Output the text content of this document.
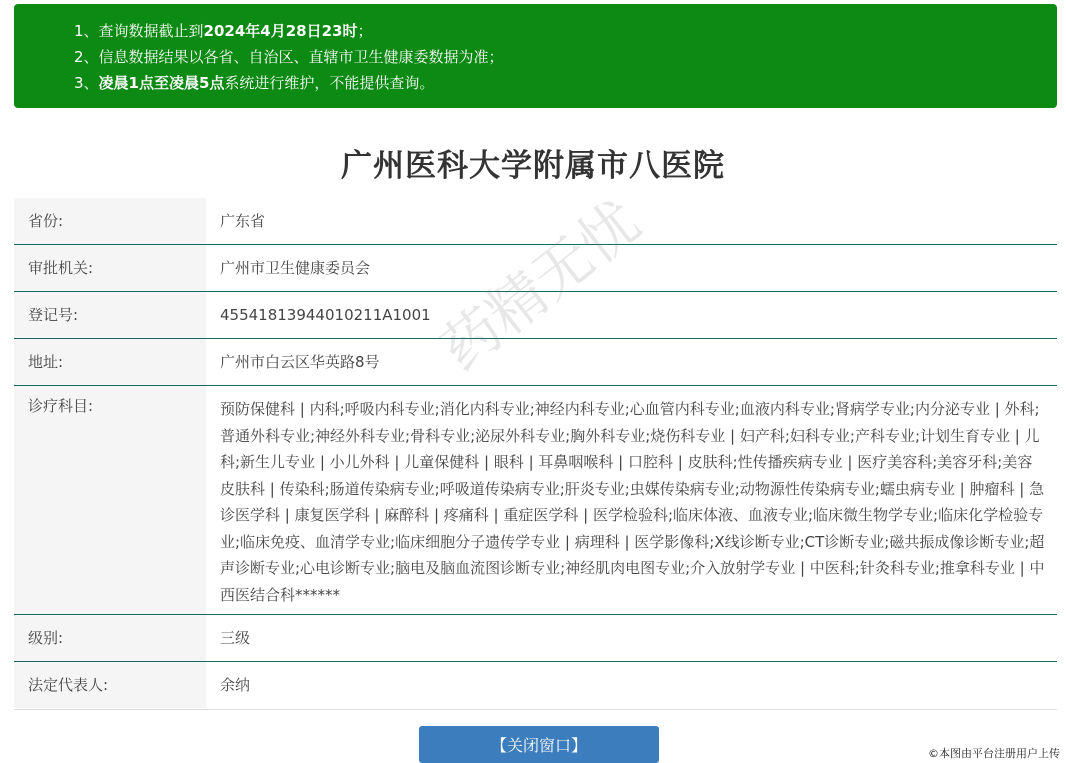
1、查询数据截止到2024年4月28日23时；
2、信息数据结果以各省、自治区、直辖市卫生健康委数据为准；
3、凌晨1点至凌晨5点系统进行维护，不能提供查询。
广州医科大学附属市八医院
省份:	广东省
审批机关:	广州市卫生健康委员会
登记号:	45541813944010211A1001
地址:	广州市白云区华英路8号
诊疗科目:	预防保健科 | 内科;呼吸内科专业;消化内科专业;神经内科专业;心血管内科专业;血液内科专业;肾病学专业;内分泌专业 | 外科;普通外科专业;神经外科专业;骨科专业;泌尿外科专业;胸外科专业;烧伤科专业 | 妇产科;妇科专业;产科专业;计划生育专业 | 儿科;新生儿专业 | 小儿外科 | 儿童保健科 | 眼科 | 耳鼻咽喉科 | 口腔科 | 皮肤科;性传播疾病专业 | 医疗美容科;美容牙科;美容皮肤科 | 传染科;肠道传染病专业;呼吸道传染病专业;肝炎专业;虫媒传染病专业;动物源性传染病专业;蠕虫病专业 | 肿瘤科 | 急诊医学科 | 康复医学科 | 麻醉科 | 疼痛科 | 重症医学科 | 医学检验科;临床体液、血液专业;临床微生物学专业;临床化学检验专业;临床免疫、血清学专业;临床细胞分子遗传学专业 | 病理科 | 医学影像科;X线诊断专业;CT诊断专业;磁共振成像诊断专业;超声诊断专业;心电诊断专业;脑电及脑血流图诊断专业;神经肌肉电图专业;介入放射学专业 | 中医科;针灸科专业;推拿科专业 | 中西医结合科******
级别:	三级
法定代表人:	余纳
【关闭窗口】
药精无忧
©本图由平台注册用户上传
